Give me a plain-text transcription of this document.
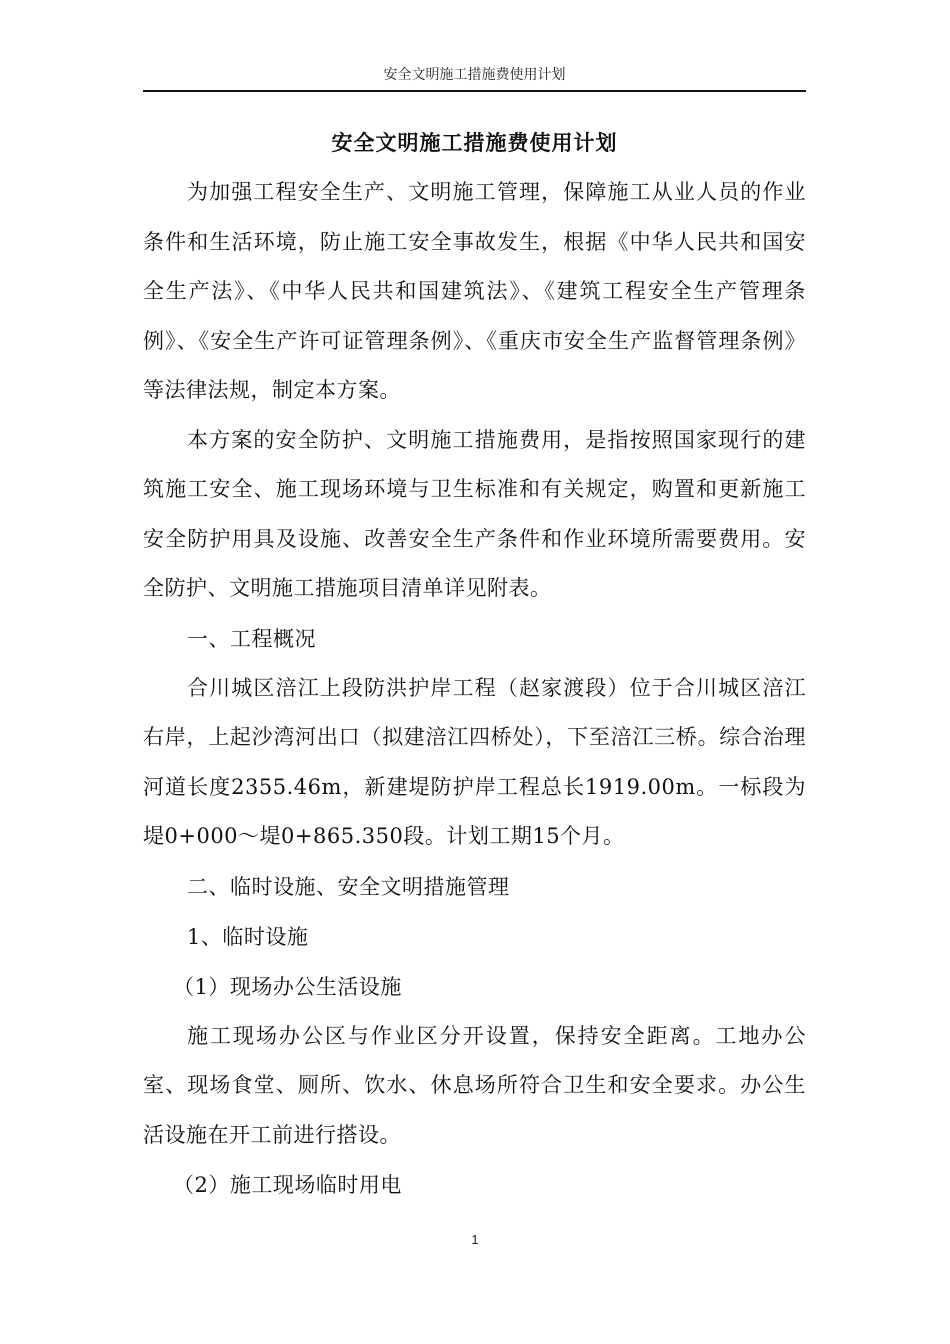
安全文明施工措施费使用计划
安全文明施工措施费使用计划

为加强工程安全生产、文明施工管理，保障施工从业人员的作业条件和生活环境，防止施工安全事故发生，根据《中华人民共和国安全生产法》、《中华人民共和国建筑法》、《建筑工程安全生产管理条例》、《安全生产许可证管理条例》、《重庆市安全生产监督管理条例》等法律法规，制定本方案。

本方案的安全防护、文明施工措施费用，是指按照国家现行的建筑施工安全、施工现场环境与卫生标准和有关规定，购置和更新施工安全防护用具及设施、改善安全生产条件和作业环境所需要费用。安全防护、文明施工措施项目清单详见附表。

一、工程概况

合川城区涪江上段防洪护岸工程（赵家渡段）位于合川城区涪江右岸，上起沙湾河出口（拟建涪江四桥处），下至涪江三桥。综合治理河道长度2355.46m，新建堤防护岸工程总长1919.00m。一标段为堤0+000～堤0+865.350段。计划工期15个月。

二、临时设施、安全文明措施管理

1、临时设施

（1）现场办公生活设施

施工现场办公区与作业区分开设置，保持安全距离。工地办公室、现场食堂、厕所、饮水、休息场所符合卫生和安全要求。办公生活设施在开工前进行搭设。

（2）施工现场临时用电

1
